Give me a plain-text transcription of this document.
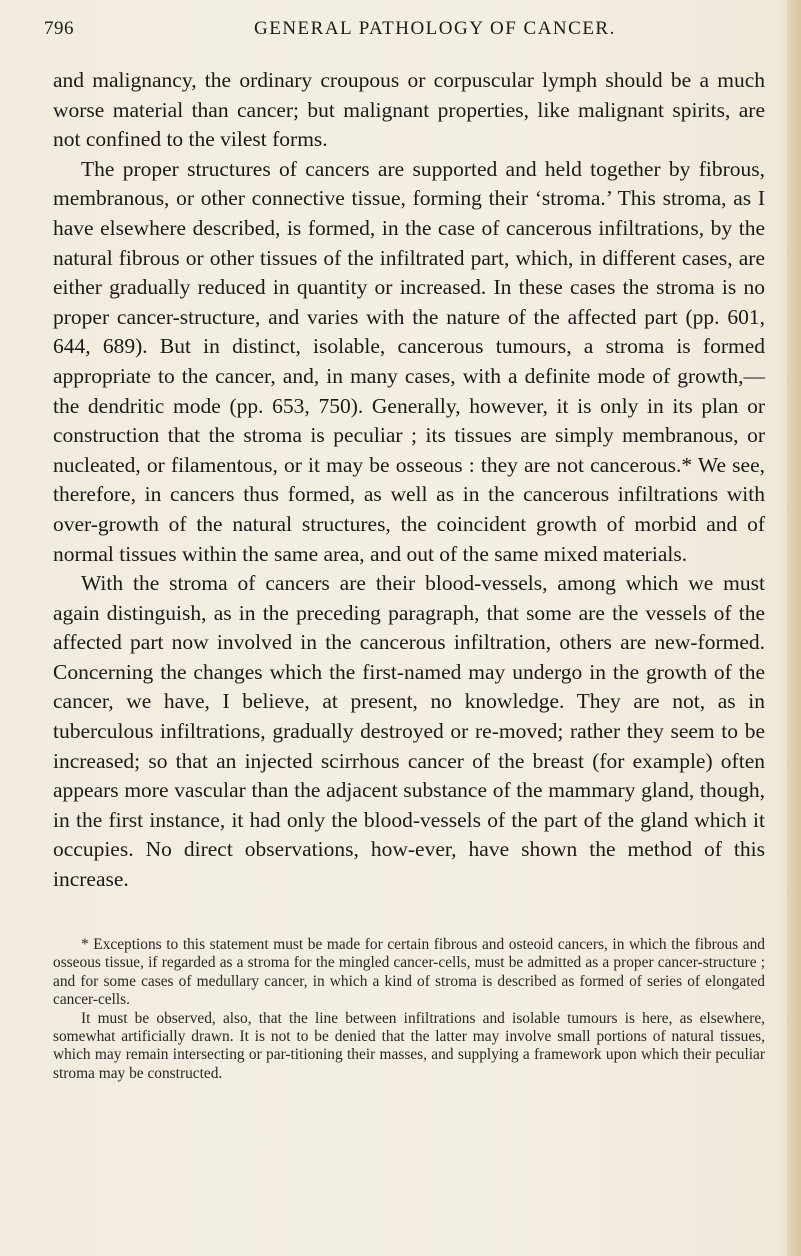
796	GENERAL PATHOLOGY OF CANCER.

and malignancy, the ordinary croupous or corpuscular lymph should be a much worse material than cancer; but malignant properties, like malignant spirits, are not confined to the vilest forms.

The proper structures of cancers are supported and held together by fibrous, membranous, or other connective tissue, forming their ‘stroma.’ This stroma, as I have elsewhere described, is formed, in the case of cancerous infiltrations, by the natural fibrous or other tissues of the infiltrated part, which, in different cases, are either gradually reduced in quantity or increased. In these cases the stroma is no proper cancer-structure, and varies with the nature of the affected part (pp. 601, 644, 689). But in distinct, isolable, cancerous tumours, a stroma is formed appropriate to the cancer, and, in many cases, with a definite mode of growth,—the dendritic mode (pp. 653, 750). Generally, however, it is only in its plan or construction that the stroma is peculiar ; its tissues are simply membranous, or nucleated, or filamentous, or it may be osseous : they are not cancerous.* We see, therefore, in cancers thus formed, as well as in the cancerous infiltrations with over-growth of the natural structures, the coincident growth of morbid and of normal tissues within the same area, and out of the same mixed materials.

With the stroma of cancers are their blood-vessels, among which we must again distinguish, as in the preceding paragraph, that some are the vessels of the affected part now involved in the cancerous infiltration, others are new-formed. Concerning the changes which the first-named may undergo in the growth of the cancer, we have, I believe, at present, no knowledge. They are not, as in tuberculous infiltrations, gradually destroyed or re-moved; rather they seem to be increased; so that an injected scirrhous cancer of the breast (for example) often appears more vascular than the adjacent substance of the mammary gland, though, in the first instance, it had only the blood-vessels of the part of the gland which it occupies. No direct observations, how-ever, have shown the method of this increase.

* Exceptions to this statement must be made for certain fibrous and osteoid cancers, in which the fibrous and osseous tissue, if regarded as a stroma for the mingled cancer-cells, must be admitted as a proper cancer-structure ; and for some cases of medullary cancer, in which a kind of stroma is described as formed of series of elongated cancer-cells.

It must be observed, also, that the line between infiltrations and isolable tumours is here, as elsewhere, somewhat artificially drawn. It is not to be denied that the latter may involve small portions of natural tissues, which may remain intersecting or par-titioning their masses, and supplying a framework upon which their peculiar stroma may be constructed.
